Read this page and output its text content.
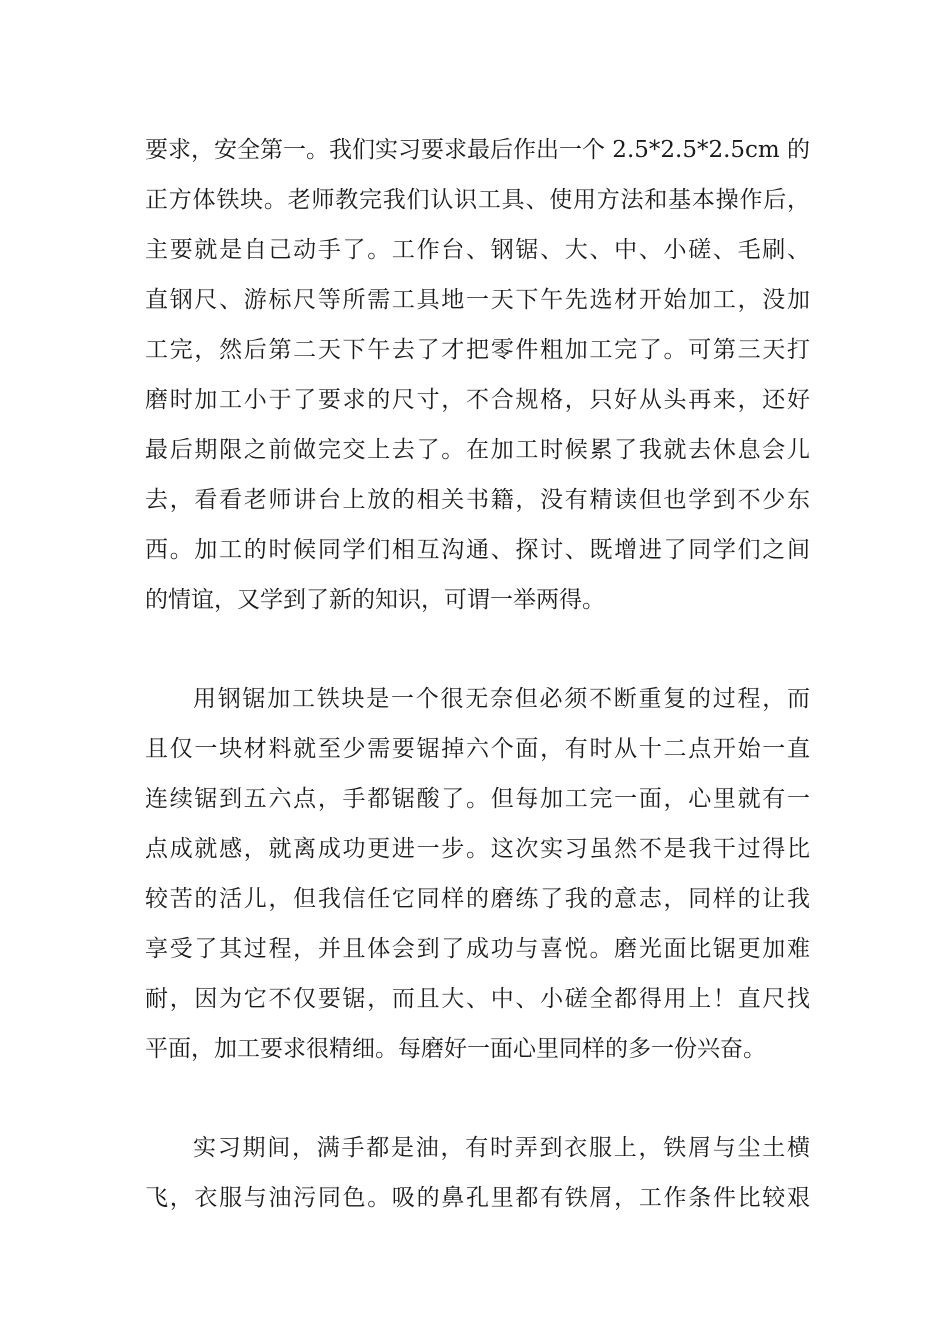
要求，安全第一。我们实习要求最后作出一个 2.5*2.5*2.5cm 的
正方体铁块。老师教完我们认识工具、使用方法和基本操作后，
主要就是自己动手了。工作台、钢锯、大、中、小磋、毛刷、
直钢尺、游标尺等所需工具地一天下午先选材开始加工，没加
工完，然后第二天下午去了才把零件粗加工完了。可第三天打
磨时加工小于了要求的尺寸，不合规格，只好从头再来，还好
最后期限之前做完交上去了。在加工时候累了我就去休息会儿
去，看看老师讲台上放的相关书籍，没有精读但也学到不少东
西。加工的时候同学们相互沟通、探讨、既增进了同学们之间
的情谊，又学到了新的知识，可谓一举两得。
用钢锯加工铁块是一个很无奈但必须不断重复的过程，而
且仅一块材料就至少需要锯掉六个面，有时从十二点开始一直
连续锯到五六点，手都锯酸了。但每加工完一面，心里就有一
点成就感，就离成功更进一步。这次实习虽然不是我干过得比
较苦的活儿，但我信任它同样的磨练了我的意志，同样的让我
享受了其过程，并且体会到了成功与喜悦。磨光面比锯更加难
耐，因为它不仅要锯，而且大、中、小磋全都得用上！直尺找
平面，加工要求很精细。每磨好一面心里同样的多一份兴奋。
实习期间，满手都是油，有时弄到衣服上，铁屑与尘土横
飞，衣服与油污同色。吸的鼻孔里都有铁屑，工作条件比较艰
